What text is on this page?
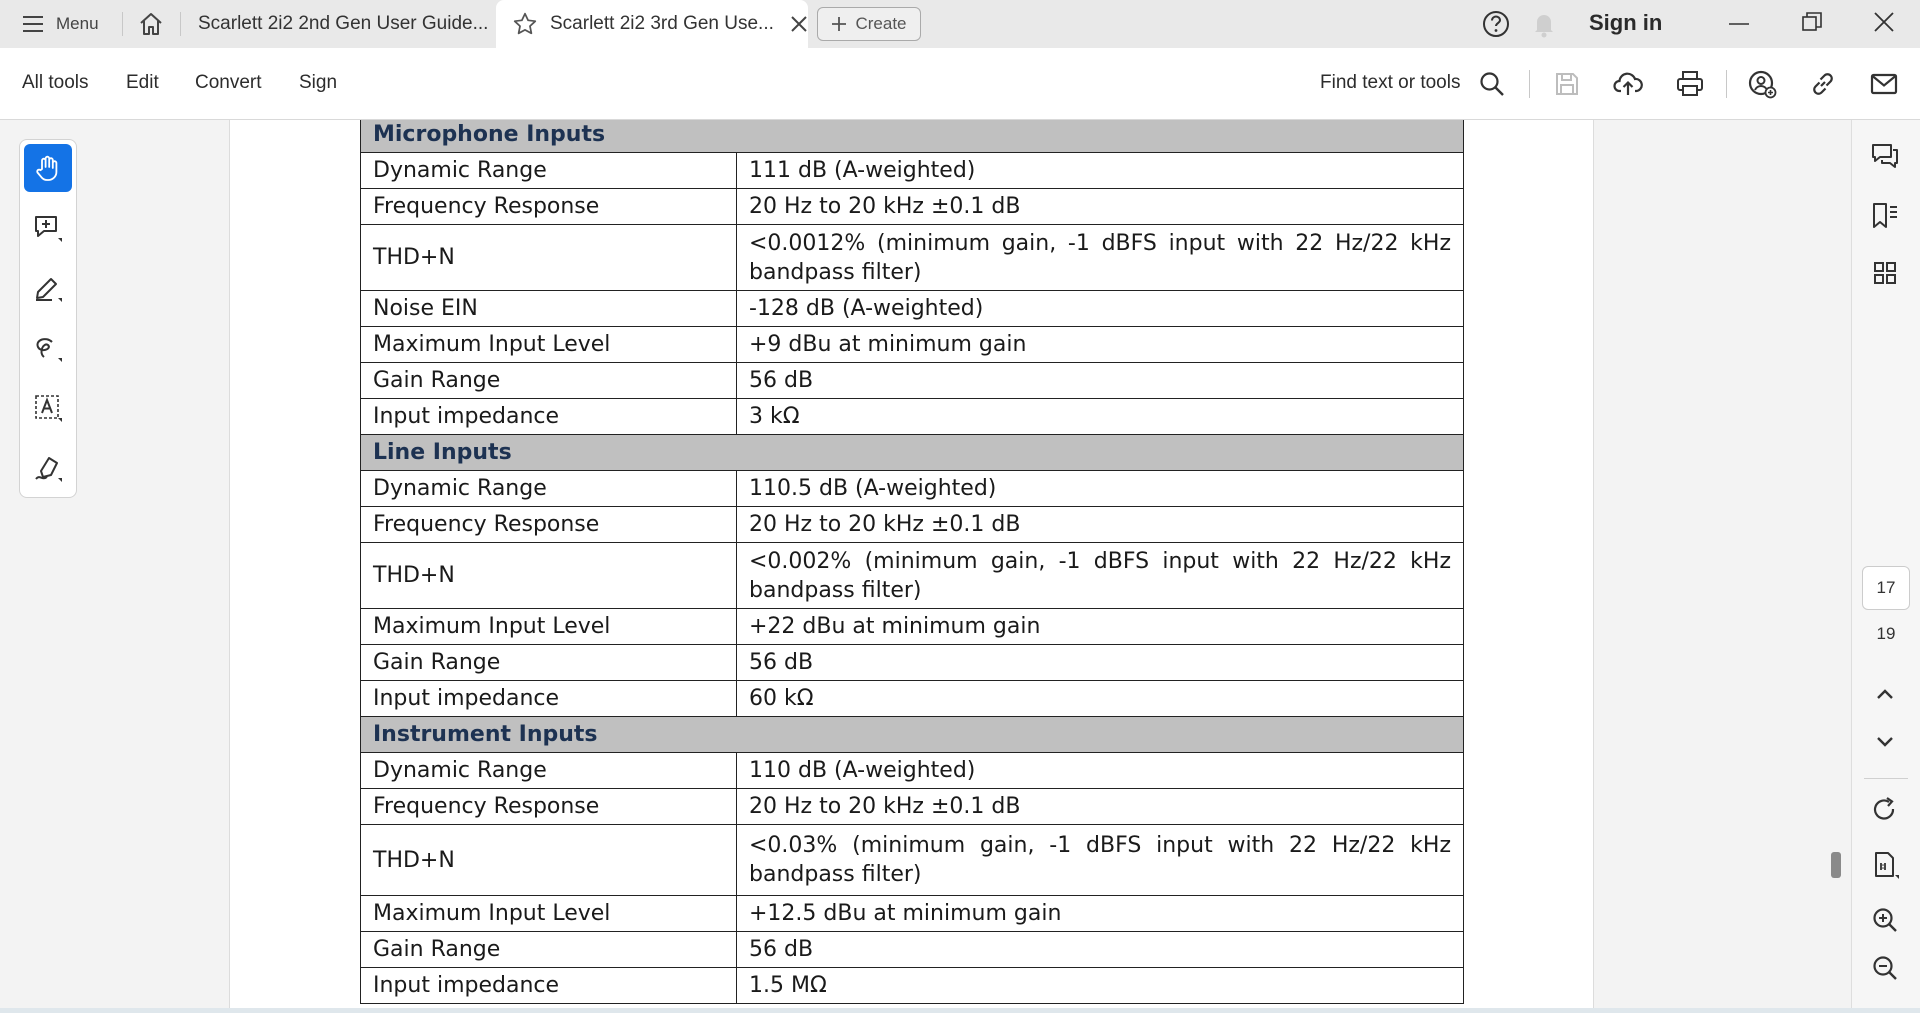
Menu	Scarlett 2i2 2nd Gen User Guide...	Scarlett 2i2 3rd Gen Use...	Create	Sign in
All tools Edit Convert Sign	Find text or tools
Microphone Inputs	
Dynamic Range	111 dB (A-weighted)
Frequency Response	20 Hz to 20 kHz ±0.1 dB
THD+N	<0.0012% (minimum gain, -1 dBFS input with 22 Hz/22 kHz bandpass filter)
Noise EIN	-128 dB (A-weighted)
Maximum Input Level	+9 dBu at minimum gain
Gain Range	56 dB
Input impedance	3 kΩ
Line Inputs	
Dynamic Range	110.5 dB (A-weighted)
Frequency Response	20 Hz to 20 kHz ±0.1 dB
THD+N	<0.002% (minimum gain, -1 dBFS input with 22 Hz/22 kHz bandpass filter)
Maximum Input Level	+22 dBu at minimum gain
Gain Range	56 dB
Input impedance	60 kΩ
Instrument Inputs	
Dynamic Range	110 dB (A-weighted)
Frequency Response	20 Hz to 20 kHz ±0.1 dB
THD+N	<0.03% (minimum gain, -1 dBFS input with 22 Hz/22 kHz bandpass filter)
Maximum Input Level	+12.5 dBu at minimum gain
Gain Range	56 dB
Input impedance	1.5 MΩ
17
19
